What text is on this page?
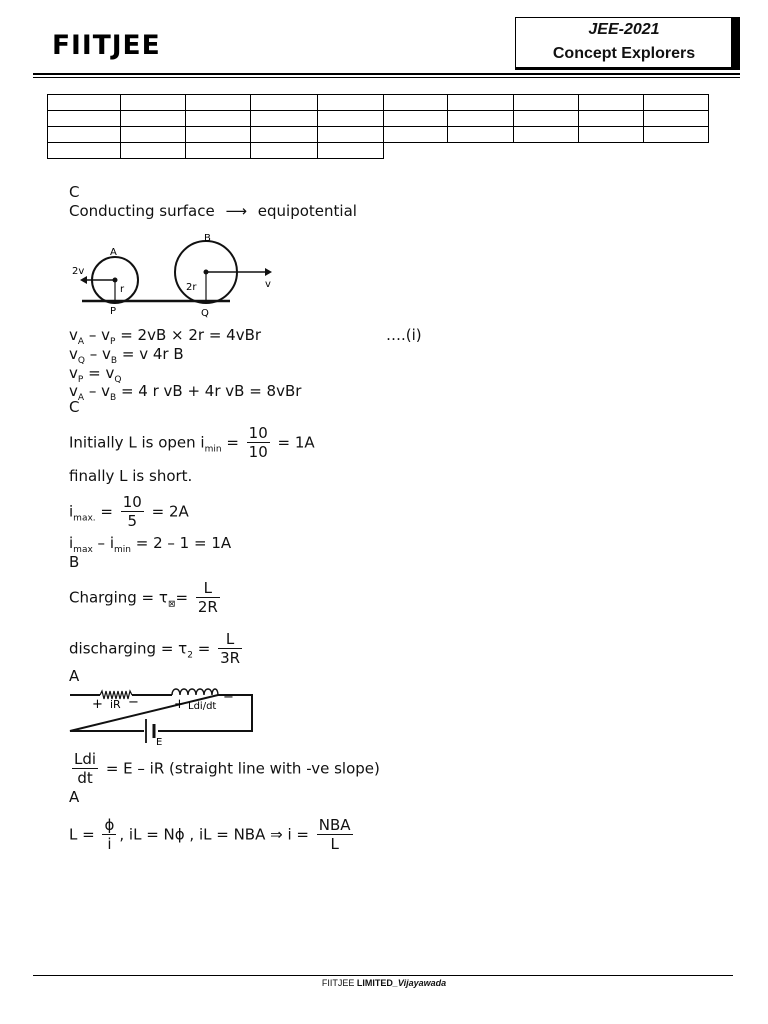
FIITJEE
JEE-2021
Concept Explorers
C
Conducting surface ⟶ equipotential
A
B
P	Q
2v
v
r	2r
$v_A - v_P = 2vB \times 2r = 4vBr$	….(i)
$v_Q - v_B = v$ 4r B
$v_P = v_Q$
$v_A - v_B = 4$ r vB + 4r vB = 8vBr
C
Initially L is open $i_{min} = \frac{10}{10} = 1A$
finally L is short.
$i_{max.} = \frac{10}{5} = 2A$
$i_{max} - i_{min} = 2 - 1 = 1A$
B
Charging = $\tau_⊠= \frac{L}{2R}$
discharging = $\tau_2 = \frac{L}{3R}$
A
+ iR −	+ Ldi/dt
−
E
$\frac{\text{Ldi}}{dt} = E$ – iR (straight line with -ve slope)
A
$L = \frac{\phi}{i}$ , iL = Nϕ , iL = NBA ⇒ $i = \frac{\text{NBA}}{L}$
FIITJEE LIMITED_Vijayawada
